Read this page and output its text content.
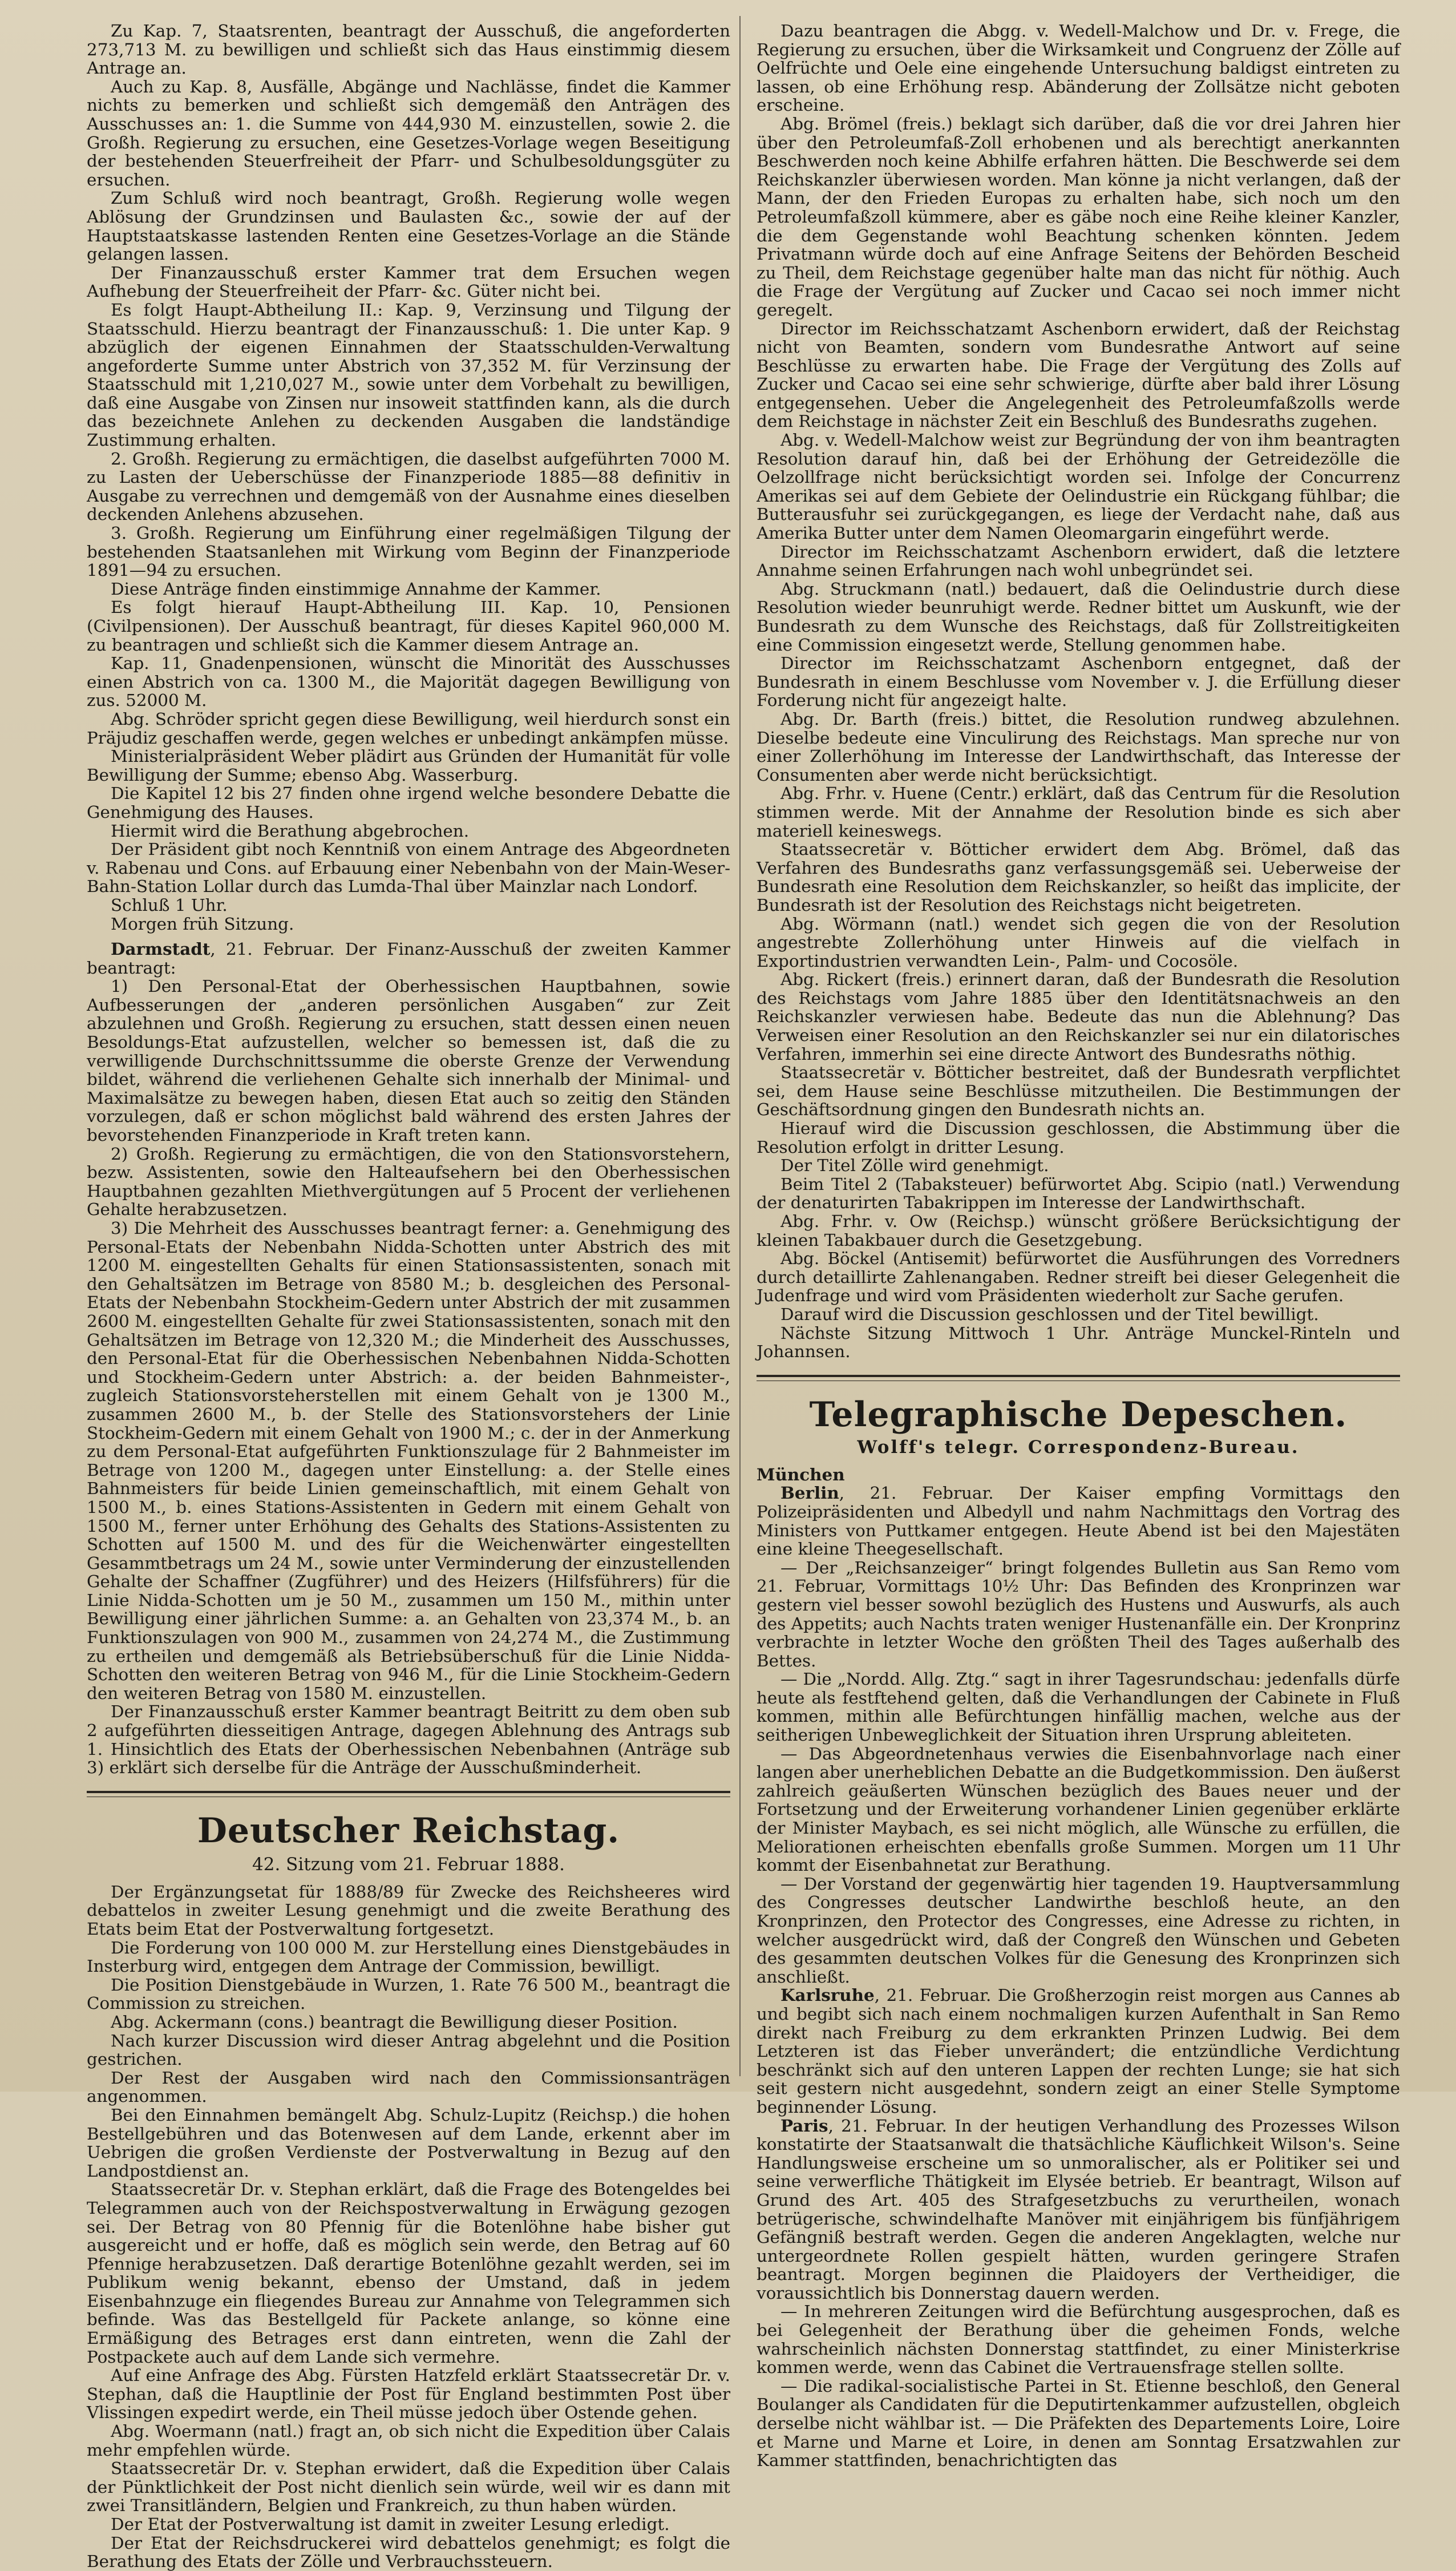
Zu Kap. 7, Staatsrenten, beantragt der Ausschuß, die angeforderten 273,713 M. zu bewilligen und schließt sich das Haus einstimmig diesem Antrage an.

Auch zu Kap. 8, Ausfälle, Abgänge und Nachlässe, findet die Kammer nichts zu bemerken und schließt sich demgemäß den Anträgen des Ausschusses an: 1. die Summe von 444,930 M. einzustellen, sowie 2. die Großh. Regierung zu ersuchen, eine Gesetzes-Vorlage wegen Beseitigung der bestehenden Steuerfreiheit der Pfarr- und Schulbesoldungsgüter zu ersuchen.

Zum Schluß wird noch beantragt, Großh. Regierung wolle wegen Ablösung der Grundzinsen und Baulasten &c., sowie der auf der Hauptstaatskasse lastenden Renten eine Gesetzes-Vorlage an die Stände gelangen lassen.

Der Finanzausschuß erster Kammer trat dem Ersuchen wegen Aufhebung der Steuerfreiheit der Pfarr- &c. Güter nicht bei.

Es folgt Haupt-Abtheilung II.: Kap. 9, Verzinsung und Tilgung der Staatsschuld. Hierzu beantragt der Finanzausschuß: 1. Die unter Kap. 9 abzüglich der eigenen Einnahmen der Staatsschulden-Verwaltung angeforderte Summe unter Abstrich von 37,352 M. für Verzinsung der Staatsschuld mit 1,210,027 M., sowie unter dem Vorbehalt zu bewilligen, daß eine Ausgabe von Zinsen nur insoweit stattfinden kann, als die durch das bezeichnete Anlehen zu deckenden Ausgaben die landständige Zustimmung erhalten.

2. Großh. Regierung zu ermächtigen, die daselbst aufgeführten 7000 M. zu Lasten der Ueberschüsse der Finanzperiode 1885—88 definitiv in Ausgabe zu verrechnen und demgemäß von der Ausnahme eines dieselben deckenden Anlehens abzusehen.

3. Großh. Regierung um Einführung einer regelmäßigen Tilgung der bestehenden Staatsanlehen mit Wirkung vom Beginn der Finanzperiode 1891—94 zu ersuchen.

Diese Anträge finden einstimmige Annahme der Kammer.

Es folgt hierauf Haupt-Abtheilung III. Kap. 10, Pensionen (Civilpensionen). Der Ausschuß beantragt, für dieses Kapitel 960,000 M. zu beantragen und schließt sich die Kammer diesem Antrage an.

Kap. 11, Gnadenpensionen, wünscht die Minorität des Ausschusses einen Abstrich von ca. 1300 M., die Majorität dagegen Bewilligung von zus. 52000 M.

Abg. Schröder spricht gegen diese Bewilligung, weil hierdurch sonst ein Präjudiz geschaffen werde, gegen welches er unbedingt ankämpfen müsse.

Ministerialpräsident Weber plädirt aus Gründen der Humanität für volle Bewilligung der Summe; ebenso Abg. Wasserburg.

Die Kapitel 12 bis 27 finden ohne irgend welche besondere Debatte die Genehmigung des Hauses.

Hiermit wird die Berathung abgebrochen.

Der Präsident gibt noch Kenntniß von einem Antrage des Abgeordneten v. Rabenau und Cons. auf Erbauung einer Nebenbahn von der Main-Weser-Bahn-Station Lollar durch das Lumda-Thal über Mainzlar nach Londorf.

Schluß 1 Uhr.

Morgen früh Sitzung.

Darmstadt, 21. Februar. Der Finanz-Ausschuß der zweiten Kammer beantragt:

1) Den Personal-Etat der Oberhessischen Hauptbahnen, sowie Aufbesserungen der „anderen persönlichen Ausgaben“ zur Zeit abzulehnen und Großh. Regierung zu ersuchen, statt dessen einen neuen Besoldungs-Etat aufzustellen, welcher so bemessen ist, daß die zu verwilligende Durchschnittssumme die oberste Grenze der Verwendung bildet, während die verliehenen Gehalte sich innerhalb der Minimal- und Maximalsätze zu bewegen haben, diesen Etat auch so zeitig den Ständen vorzulegen, daß er schon möglichst bald während des ersten Jahres der bevorstehenden Finanzperiode in Kraft treten kann.

2) Großh. Regierung zu ermächtigen, die von den Stationsvorstehern, bezw. Assistenten, sowie den Halteaufsehern bei den Oberhessischen Hauptbahnen gezahlten Miethvergütungen auf 5 Procent der verliehenen Gehalte herabzusetzen.

3) Die Mehrheit des Ausschusses beantragt ferner: a. Genehmigung des Personal-Etats der Nebenbahn Nidda-Schotten unter Abstrich des mit 1200 M. eingestellten Gehalts für einen Stationsassistenten, sonach mit den Gehaltsätzen im Betrage von 8580 M.; b. desgleichen des Personal-Etats der Nebenbahn Stockheim-Gedern unter Abstrich der mit zusammen 2600 M. eingestellten Gehalte für zwei Stationsassistenten, sonach mit den Gehaltsätzen im Betrage von 12,320 M.; die Minderheit des Ausschusses, den Personal-Etat für die Oberhessischen Nebenbahnen Nidda-Schotten und Stockheim-Gedern unter Abstrich: a. der beiden Bahnmeister-, zugleich Stationsvorsteherstellen mit einem Gehalt von je 1300 M., zusammen 2600 M., b. der Stelle des Stationsvorstehers der Linie Stockheim-Gedern mit einem Gehalt von 1900 M.; c. der in der Anmerkung zu dem Personal-Etat aufgeführten Funktionszulage für 2 Bahnmeister im Betrage von 1200 M., dagegen unter Einstellung: a. der Stelle eines Bahnmeisters für beide Linien gemeinschaftlich, mit einem Gehalt von 1500 M., b. eines Stations-Assistenten in Gedern mit einem Gehalt von 1500 M., ferner unter Erhöhung des Gehalts des Stations-Assistenten zu Schotten auf 1500 M. und des für die Weichenwärter eingestellten Gesammtbetrags um 24 M., sowie unter Verminderung der einzustellenden Gehalte der Schaffner (Zugführer) und des Heizers (Hilfsführers) für die Linie Nidda-Schotten um je 50 M., zusammen um 150 M., mithin unter Bewilligung einer jährlichen Summe: a. an Gehalten von 23,374 M., b. an Funktionszulagen von 900 M., zusammen von 24,274 M., die Zustimmung zu ertheilen und demgemäß als Betriebsüberschuß für die Linie Nidda-Schotten den weiteren Betrag von 946 M., für die Linie Stockheim-Gedern den weiteren Betrag von 1580 M. einzustellen.

Der Finanzausschuß erster Kammer beantragt Beitritt zu dem oben sub 2 aufgeführten diesseitigen Antrage, dagegen Ablehnung des Antrags sub 1. Hinsichtlich des Etats der Oberhessischen Nebenbahnen (Anträge sub 3) erklärt sich derselbe für die Anträge der Ausschußminderheit.

Deutscher Reichstag.
42. Sitzung vom 21. Februar 1888.

Der Ergänzungsetat für 1888/89 für Zwecke des Reichsheeres wird debattelos in zweiter Lesung genehmigt und die zweite Berathung des Etats beim Etat der Postverwaltung fortgesetzt.

Die Forderung von 100 000 M. zur Herstellung eines Dienstgebäudes in Insterburg wird, entgegen dem Antrage der Commission, bewilligt.

Die Position Dienstgebäude in Wurzen, 1. Rate 76 500 M., beantragt die Commission zu streichen.

Abg. Ackermann (cons.) beantragt die Bewilligung dieser Position.

Nach kurzer Discussion wird dieser Antrag abgelehnt und die Position gestrichen.

Der Rest der Ausgaben wird nach den Commissionsanträgen angenommen.

Bei den Einnahmen bemängelt Abg. Schulz-Lupitz (Reichsp.) die hohen Bestellgebühren und das Botenwesen auf dem Lande, erkennt aber im Uebrigen die großen Verdienste der Postverwaltung in Bezug auf den Landpostdienst an.

Staatssecretär Dr. v. Stephan erklärt, daß die Frage des Botengeldes bei Telegrammen auch von der Reichspostverwaltung in Erwägung gezogen sei. Der Betrag von 80 Pfennig für die Botenlöhne habe bisher gut ausgereicht und er hoffe, daß es möglich sein werde, den Betrag auf 60 Pfennige herabzusetzen. Daß derartige Botenlöhne gezahlt werden, sei im Publikum wenig bekannt, ebenso der Umstand, daß in jedem Eisenbahnzuge ein fliegendes Bureau zur Annahme von Telegrammen sich befinde. Was das Bestellgeld für Packete anlange, so könne eine Ermäßigung des Betrages erst dann eintreten, wenn die Zahl der Postpackete auch auf dem Lande sich vermehre.

Auf eine Anfrage des Abg. Fürsten Hatzfeld erklärt Staatssecretär Dr. v. Stephan, daß die Hauptlinie der Post für England bestimmten Post über Vlissingen expedirt werde, ein Theil müsse jedoch über Ostende gehen.

Abg. Woermann (natl.) fragt an, ob sich nicht die Expedition über Calais mehr empfehlen würde.

Staatssecretär Dr. v. Stephan erwidert, daß die Expedition über Calais der Pünktlichkeit der Post nicht dienlich sein würde, weil wir es dann mit zwei Transitländern, Belgien und Frankreich, zu thun haben würden.

Der Etat der Postverwaltung ist damit in zweiter Lesung erledigt.

Der Etat der Reichsdruckerei wird debattelos genehmigt; es folgt die Berathung des Etats der Zölle und Verbrauchssteuern.

Dazu beantragen die Abgg. v. Wedell-Malchow und Dr. v. Frege, die Regierung zu ersuchen, über die Wirksamkeit und Congruenz der Zölle auf Oelfrüchte und Oele eine eingehende Untersuchung baldigst eintreten zu lassen, ob eine Erhöhung resp. Abänderung der Zollsätze nicht geboten erscheine.

Abg. Brömel (freis.) beklagt sich darüber, daß die vor drei Jahren hier über den Petroleumfaß-Zoll erhobenen und als berechtigt anerkannten Beschwerden noch keine Abhilfe erfahren hätten. Die Beschwerde sei dem Reichskanzler überwiesen worden. Man könne ja nicht verlangen, daß der Mann, der den Frieden Europas zu erhalten habe, sich noch um den Petroleumfaßzoll kümmere, aber es gäbe noch eine Reihe kleiner Kanzler, die dem Gegenstande wohl Beachtung schenken könnten. Jedem Privatmann würde doch auf eine Anfrage Seitens der Behörden Bescheid zu Theil, dem Reichstage gegenüber halte man das nicht für nöthig. Auch die Frage der Vergütung auf Zucker und Cacao sei noch immer nicht geregelt.

Director im Reichsschatzamt Aschenborn erwidert, daß der Reichstag nicht von Beamten, sondern vom Bundesrathe Antwort auf seine Beschlüsse zu erwarten habe. Die Frage der Vergütung des Zolls auf Zucker und Cacao sei eine sehr schwierige, dürfte aber bald ihrer Lösung entgegensehen. Ueber die Angelegenheit des Petroleumfaßzolls werde dem Reichstage in nächster Zeit ein Beschluß des Bundesraths zugehen.

Abg. v. Wedell-Malchow weist zur Begründung der von ihm beantragten Resolution darauf hin, daß bei der Erhöhung der Getreidezölle die Oelzollfrage nicht berücksichtigt worden sei. Infolge der Concurrenz Amerikas sei auf dem Gebiete der Oelindustrie ein Rückgang fühlbar; die Butterausfuhr sei zurückgegangen, es liege der Verdacht nahe, daß aus Amerika Butter unter dem Namen Oleomargarin eingeführt werde.

Director im Reichsschatzamt Aschenborn erwidert, daß die letztere Annahme seinen Erfahrungen nach wohl unbegründet sei.

Abg. Struckmann (natl.) bedauert, daß die Oelindustrie durch diese Resolution wieder beunruhigt werde. Redner bittet um Auskunft, wie der Bundesrath zu dem Wunsche des Reichstags, daß für Zollstreitigkeiten eine Commission eingesetzt werde, Stellung genommen habe.

Director im Reichsschatzamt Aschenborn entgegnet, daß der Bundesrath in einem Beschlusse vom November v. J. die Erfüllung dieser Forderung nicht für angezeigt halte.

Abg. Dr. Barth (freis.) bittet, die Resolution rundweg abzulehnen. Dieselbe bedeute eine Vinculirung des Reichstags. Man spreche nur von einer Zollerhöhung im Interesse der Landwirthschaft, das Interesse der Consumenten aber werde nicht berücksichtigt.

Abg. Frhr. v. Huene (Centr.) erklärt, daß das Centrum für die Resolution stimmen werde. Mit der Annahme der Resolution binde es sich aber materiell keineswegs.

Staatssecretär v. Bötticher erwidert dem Abg. Brömel, daß das Verfahren des Bundesraths ganz verfassungsgemäß sei. Ueberweise der Bundesrath eine Resolution dem Reichskanzler, so heißt das implicite, der Bundesrath ist der Resolution des Reichstags nicht beigetreten.

Abg. Wörmann (natl.) wendet sich gegen die von der Resolution angestrebte Zollerhöhung unter Hinweis auf die vielfach in Exportindustrien verwandten Lein-, Palm- und Cocosöle.

Abg. Rickert (freis.) erinnert daran, daß der Bundesrath die Resolution des Reichstags vom Jahre 1885 über den Identitätsnachweis an den Reichskanzler verwiesen habe. Bedeute das nun die Ablehnung? Das Verweisen einer Resolution an den Reichskanzler sei nur ein dilatorisches Verfahren, immerhin sei eine directe Antwort des Bundesraths nöthig.

Staatssecretär v. Bötticher bestreitet, daß der Bundesrath verpflichtet sei, dem Hause seine Beschlüsse mitzutheilen. Die Bestimmungen der Geschäftsordnung gingen den Bundesrath nichts an.

Hierauf wird die Discussion geschlossen, die Abstimmung über die Resolution erfolgt in dritter Lesung.

Der Titel Zölle wird genehmigt.

Beim Titel 2 (Tabaksteuer) befürwortet Abg. Scipio (natl.) Verwendung der denaturirten Tabakrippen im Interesse der Landwirthschaft.

Abg. Frhr. v. Ow (Reichsp.) wünscht größere Berücksichtigung der kleinen Tabakbauer durch die Gesetzgebung.

Abg. Böckel (Antisemit) befürwortet die Ausführungen des Vorredners durch detaillirte Zahlenangaben. Redner streift bei dieser Gelegenheit die Judenfrage und wird vom Präsidenten wiederholt zur Sache gerufen.

Darauf wird die Discussion geschlossen und der Titel bewilligt.

Nächste Sitzung Mittwoch 1 Uhr. Anträge Munckel-Rinteln und Johannsen.

Telegraphische Depeschen.
Wolff's telegr. Correspondenz-Bureau.

München

Berlin, 21. Februar. Der Kaiser empfing Vormittags den Polizeipräsidenten und Albedyll und nahm Nachmittags den Vortrag des Ministers von Puttkamer entgegen. Heute Abend ist bei den Majestäten eine kleine Theegesellschaft.

— Der „Reichsanzeiger“ bringt folgendes Bulletin aus San Remo vom 21. Februar, Vormittags 10½ Uhr: Das Befinden des Kronprinzen war gestern viel besser sowohl bezüglich des Hustens und Auswurfs, als auch des Appetits; auch Nachts traten weniger Hustenanfälle ein. Der Kronprinz verbrachte in letzter Woche den größten Theil des Tages außerhalb des Bettes.

— Die „Nordd. Allg. Ztg.“ sagt in ihrer Tagesrundschau: jedenfalls dürfe heute als festftehend gelten, daß die Verhandlungen der Cabinete in Fluß kommen, mithin alle Befürchtungen hinfällig machen, welche aus der seitherigen Unbeweglichkeit der Situation ihren Ursprung ableiteten.

— Das Abgeordnetenhaus verwies die Eisenbahnvorlage nach einer langen aber unerheblichen Debatte an die Budgetkommission. Den äußerst zahlreich geäußerten Wünschen bezüglich des Baues neuer und der Fortsetzung und der Erweiterung vorhandener Linien gegenüber erklärte der Minister Maybach, es sei nicht möglich, alle Wünsche zu erfüllen, die Meliorationen erheischten ebenfalls große Summen. Morgen um 11 Uhr kommt der Eisenbahnetat zur Berathung.

— Der Vorstand der gegenwärtig hier tagenden 19. Hauptversammlung des Congresses deutscher Landwirthe beschloß heute, an den Kronprinzen, den Protector des Congresses, eine Adresse zu richten, in welcher ausgedrückt wird, daß der Congreß den Wünschen und Gebeten des gesammten deutschen Volkes für die Genesung des Kronprinzen sich anschließt.

Karlsruhe, 21. Februar. Die Großherzogin reist morgen aus Cannes ab und begibt sich nach einem nochmaligen kurzen Aufenthalt in San Remo direkt nach Freiburg zu dem erkrankten Prinzen Ludwig. Bei dem Letzteren ist das Fieber unverändert; die entzündliche Verdichtung beschränkt sich auf den unteren Lappen der rechten Lunge; sie hat sich seit gestern nicht ausgedehnt, sondern zeigt an einer Stelle Symptome beginnender Lösung.

Paris, 21. Februar. In der heutigen Verhandlung des Prozesses Wilson konstatirte der Staatsanwalt die thatsächliche Käuflichkeit Wilson's. Seine Handlungsweise erscheine um so unmoralischer, als er Politiker sei und seine verwerfliche Thätigkeit im Elysée betrieb. Er beantragt, Wilson auf Grund des Art. 405 des Strafgesetzbuchs zu verurtheilen, wonach betrügerische, schwindelhafte Manöver mit einjährigem bis fünfjährigem Gefängniß bestraft werden. Gegen die anderen Angeklagten, welche nur untergeordnete Rollen gespielt hätten, wurden geringere Strafen beantragt. Morgen beginnen die Plaidoyers der Vertheidiger, die voraussichtlich bis Donnerstag dauern werden.

— In mehreren Zeitungen wird die Befürchtung ausgesprochen, daß es bei Gelegenheit der Berathung über die geheimen Fonds, welche wahrscheinlich nächsten Donnerstag stattfindet, zu einer Ministerkrise kommen werde, wenn das Cabinet die Vertrauensfrage stellen sollte.

— Die radikal-socialistische Partei in St. Etienne beschloß, den General Boulanger als Candidaten für die Deputirtenkammer aufzustellen, obgleich derselbe nicht wählbar ist. — Die Präfekten des Departements Loire, Loire et Marne und Marne et Loire, in denen am Sonntag Ersatzwahlen zur Kammer stattfinden, benachrichtigten das
